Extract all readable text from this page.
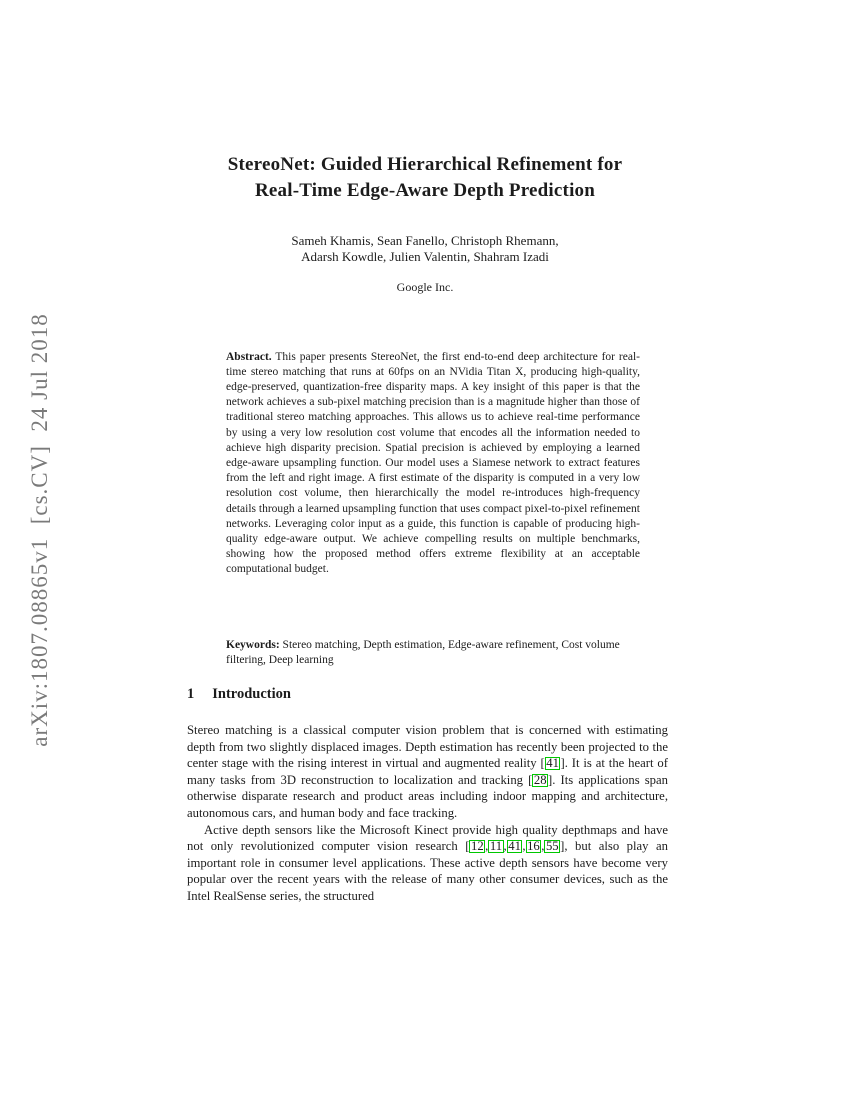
arXiv:1807.08865v1  [cs.CV]  24 Jul 2018
StereoNet: Guided Hierarchical Refinement for
Real-Time Edge-Aware Depth Prediction
Sameh Khamis, Sean Fanello, Christoph Rhemann,
Adarsh Kowdle, Julien Valentin, Shahram Izadi
Google Inc.

Abstract. This paper presents StereoNet, the first end-to-end deep architecture for real-time stereo matching that runs at 60fps on an NVidia Titan X, producing high-quality, edge-preserved, quantization-free disparity maps. A key insight of this paper is that the network achieves a sub-pixel matching precision than is a magnitude higher than those of traditional stereo matching approaches. This allows us to achieve real-time performance by using a very low resolution cost volume that encodes all the information needed to achieve high disparity precision. Spatial precision is achieved by employing a learned edge-aware upsampling function. Our model uses a Siamese network to extract features from the left and right image. A first estimate of the disparity is computed in a very low resolution cost volume, then hierarchically the model re-introduces high-frequency details through a learned upsampling function that uses compact pixel-to-pixel refinement networks. Leveraging color input as a guide, this function is capable of producing high-quality edge-aware output. We achieve compelling results on multiple benchmarks, showing how the proposed method offers extreme flexibility at an acceptable computational budget.

Keywords: Stereo matching, Depth estimation, Edge-aware refinement, Cost volume filtering, Deep learning

1 Introduction

Stereo matching is a classical computer vision problem that is concerned with estimating depth from two slightly displaced images. Depth estimation has recently been projected to the center stage with the rising interest in virtual and augmented reality [ 41 ]. It is at the heart of many tasks from 3D reconstruction to localization and tracking [ 28 ]. Its applications span otherwise disparate research and product areas including indoor mapping and architecture, autonomous cars, and human body and face tracking.

Active depth sensors like the Microsoft Kinect provide high quality depthmaps and have not only revolutionized computer vision research [ 12 , 11 , 41 , 16 , 55 ], but also play an important role in consumer level applications. These active depth sensors have become very popular over the recent years with the release of many other consumer devices, such as the Intel RealSense series, the structured
